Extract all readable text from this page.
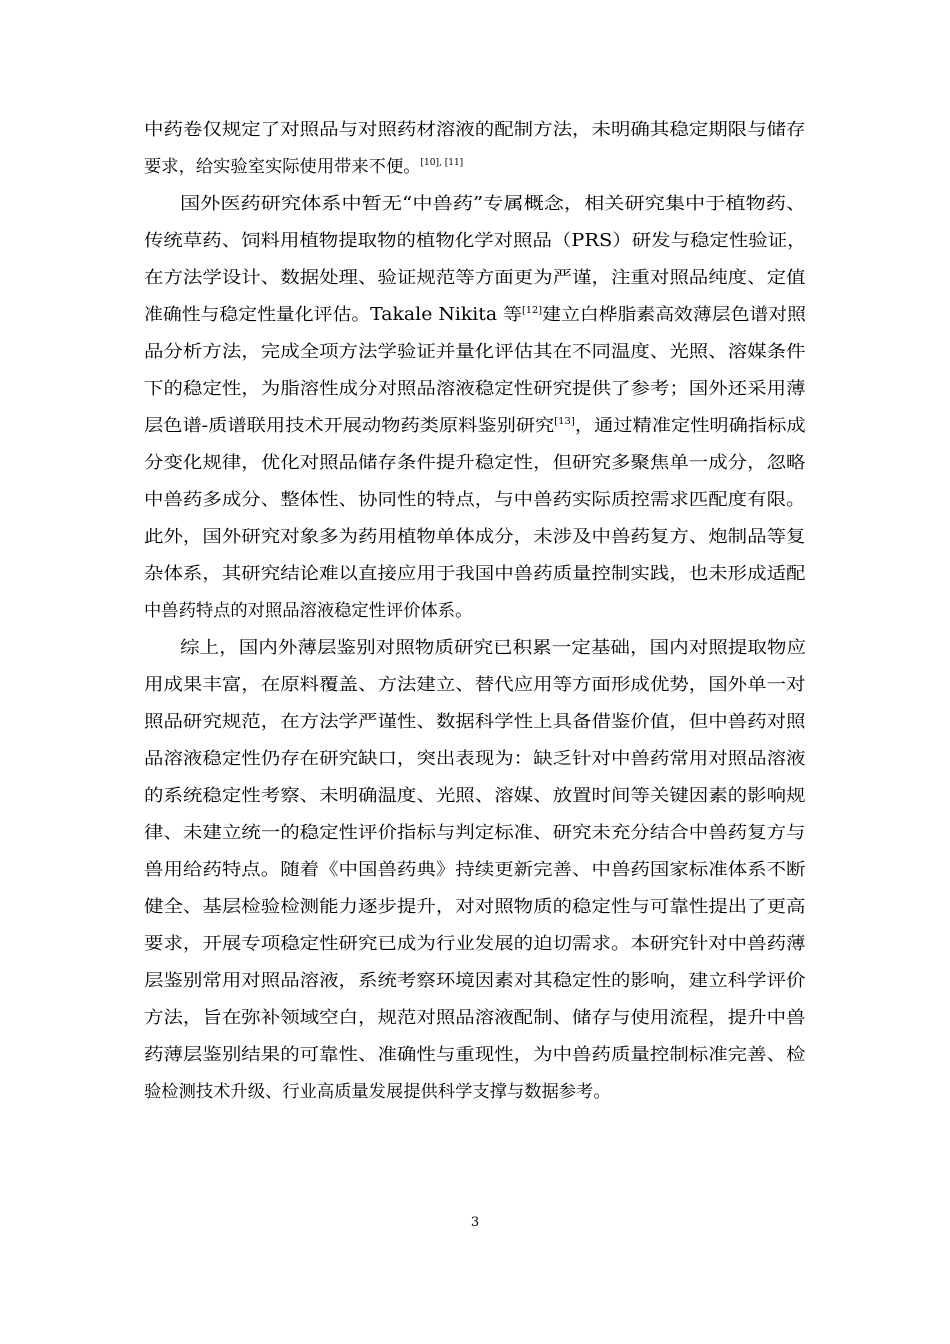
中药卷仅规定了对照品与对照药材溶液的配制方法，未明确其稳定期限与储存
要求，给实验室实际使用带来不便。[10], [11]
国外医药研究体系中暂无“中兽药”专属概念，相关研究集中于植物药、
传统草药、饲料用植物提取物的植物化学对照品（PRS）研发与稳定性验证，
在方法学设计、数据处理、验证规范等方面更为严谨，注重对照品纯度、定值
准确性与稳定性量化评估。Takale Nikita 等[12]建立白桦脂素高效薄层色谱对照
品分析方法，完成全项方法学验证并量化评估其在不同温度、光照、溶媒条件
下的稳定性，为脂溶性成分对照品溶液稳定性研究提供了参考；国外还采用薄
层色谱-质谱联用技术开展动物药类原料鉴别研究[13]，通过精准定性明确指标成
分变化规律，优化对照品储存条件提升稳定性，但研究多聚焦单一成分，忽略
中兽药多成分、整体性、协同性的特点，与中兽药实际质控需求匹配度有限。
此外，国外研究对象多为药用植物单体成分，未涉及中兽药复方、炮制品等复
杂体系，其研究结论难以直接应用于我国中兽药质量控制实践，也未形成适配
中兽药特点的对照品溶液稳定性评价体系。
综上，国内外薄层鉴别对照物质研究已积累一定基础，国内对照提取物应
用成果丰富，在原料覆盖、方法建立、替代应用等方面形成优势，国外单一对
照品研究规范，在方法学严谨性、数据科学性上具备借鉴价值，但中兽药对照
品溶液稳定性仍存在研究缺口，突出表现为：缺乏针对中兽药常用对照品溶液
的系统稳定性考察、未明确温度、光照、溶媒、放置时间等关键因素的影响规
律、未建立统一的稳定性评价指标与判定标准、研究未充分结合中兽药复方与
兽用给药特点。随着《中国兽药典》持续更新完善、中兽药国家标准体系不断
健全、基层检验检测能力逐步提升，对对照物质的稳定性与可靠性提出了更高
要求，开展专项稳定性研究已成为行业发展的迫切需求。本研究针对中兽药薄
层鉴别常用对照品溶液，系统考察环境因素对其稳定性的影响，建立科学评价
方法，旨在弥补领域空白，规范对照品溶液配制、储存与使用流程，提升中兽
药薄层鉴别结果的可靠性、准确性与重现性，为中兽药质量控制标准完善、检
验检测技术升级、行业高质量发展提供科学支撑与数据参考。
3
